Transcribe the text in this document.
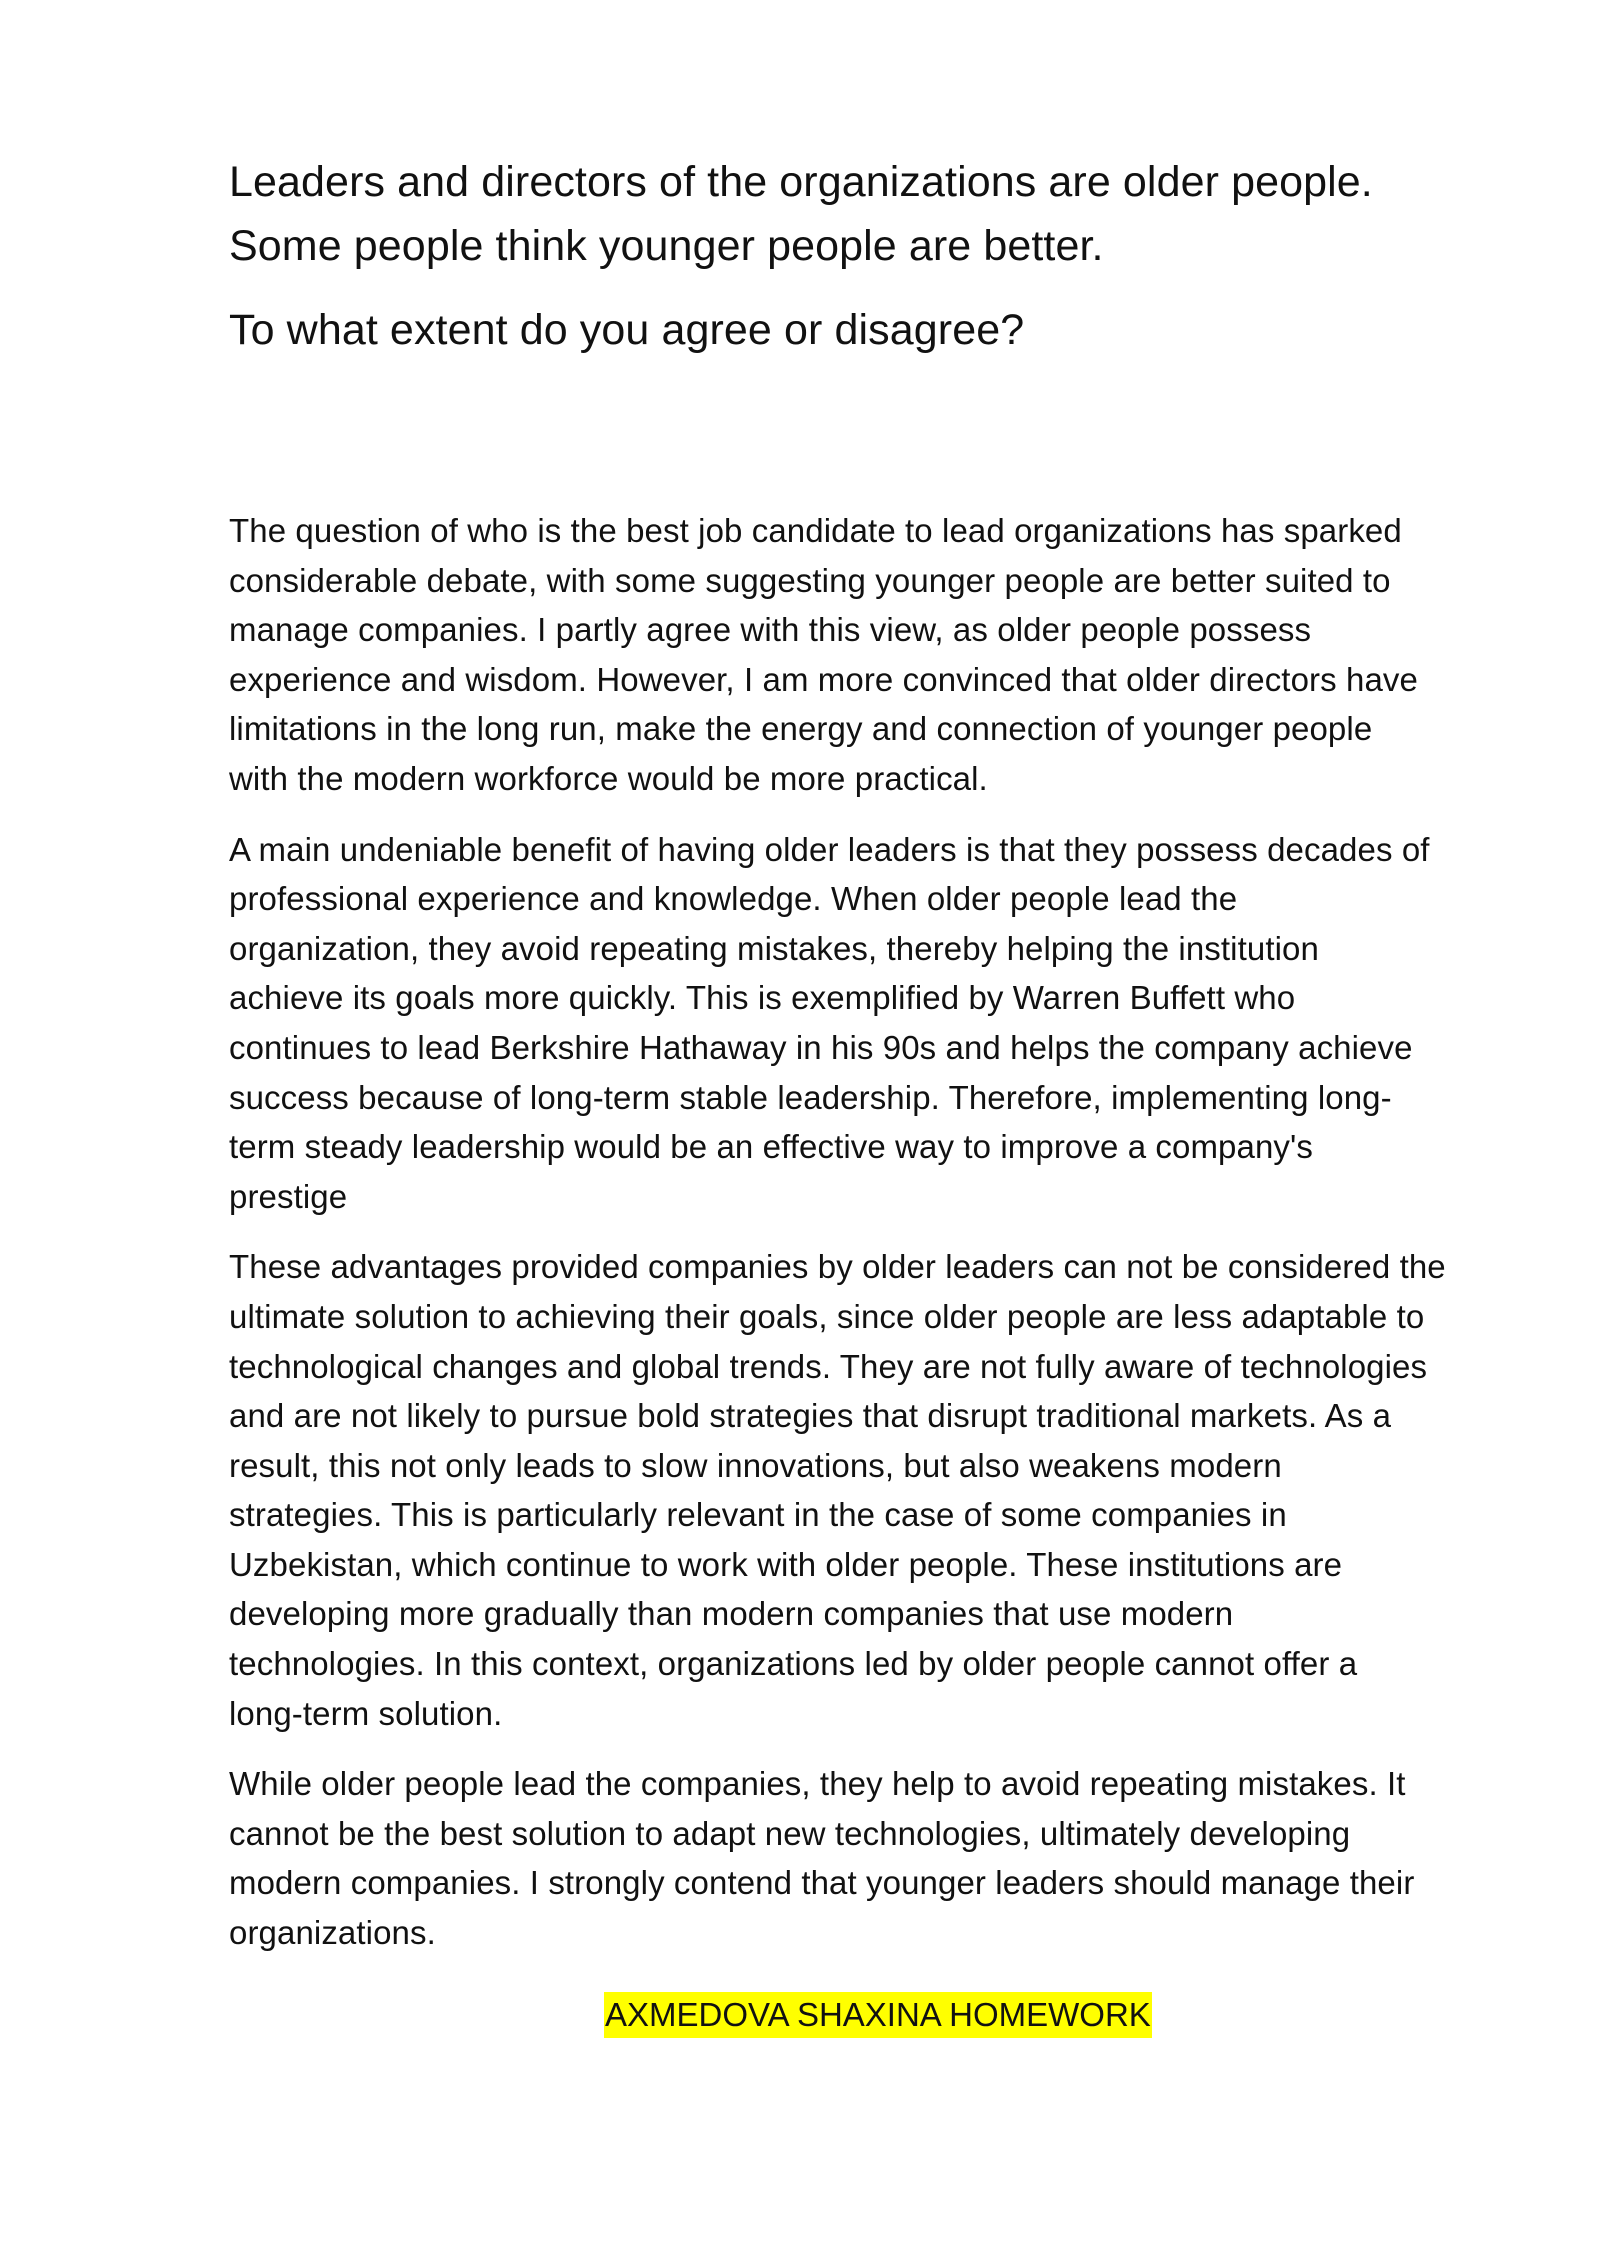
Leaders and directors of the organizations are older people.
Some people think younger people are better.
To what extent do you agree or disagree?

The question of who is the best job candidate to lead organizations has sparked
considerable debate, with some suggesting younger people are better suited to
manage companies. I partly agree with this view, as older people possess
experience and wisdom. However, I am more convinced that older directors have
limitations in the long run, make the energy and connection of younger people
with the modern workforce would be more practical.

A main undeniable benefit of having older leaders is that they possess decades of
professional experience and knowledge. When older people lead the
organization, they avoid repeating mistakes, thereby helping the institution
achieve its goals more quickly. This is exemplified by Warren Buffett who
continues to lead Berkshire Hathaway in his 90s and helps the company achieve
success because of long-term stable leadership. Therefore, implementing long-
term steady leadership would be an effective way to improve a company's
prestige

These advantages provided companies by older leaders can not be considered the
ultimate solution to achieving their goals, since older people are less adaptable to
technological changes and global trends. They are not fully aware of technologies
and are not likely to pursue bold strategies that disrupt traditional markets. As a
result, this not only leads to slow innovations, but also weakens modern
strategies. This is particularly relevant in the case of some companies in
Uzbekistan, which continue to work with older people. These institutions are
developing more gradually than modern companies that use modern
technologies. In this context, organizations led by older people cannot offer a
long-term solution.

While older people lead the companies, they help to avoid repeating mistakes. It
cannot be the best solution to adapt new technologies, ultimately developing
modern companies. I strongly contend that younger leaders should manage their
organizations.

AXMEDOVA SHAXINA HOMEWORK
